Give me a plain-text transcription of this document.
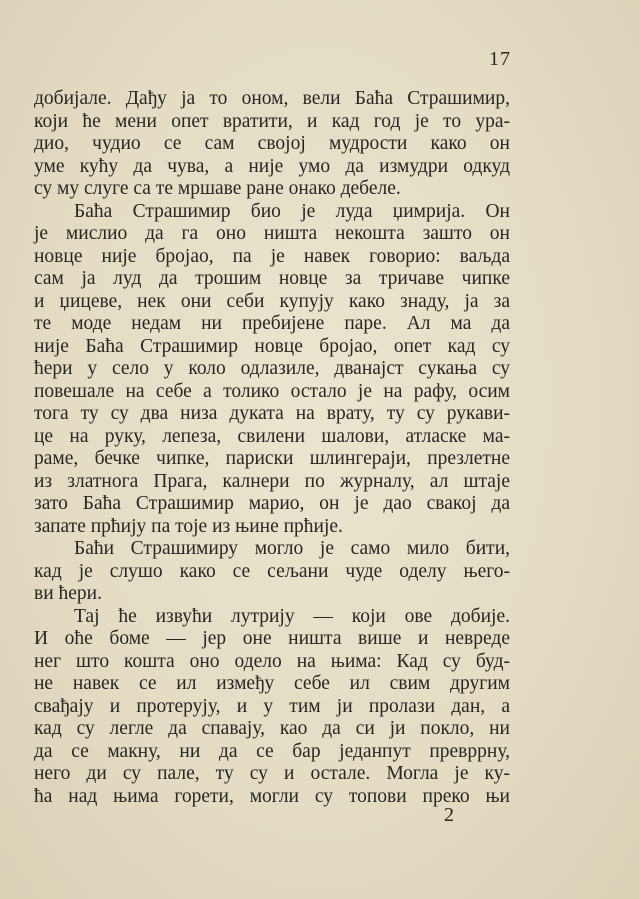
17
добијале. Дађу ја то оном, вели Баћа Страшимир,
који ће мени опет вратити, и кад год је то ура-
дио, чудио се сам својој мудрости како он
уме кућу да чува, а није умо да измудри одкуд
су му слуге са те мршаве ране онако дебеле.
Баћа Страшимир био је луда џимрија. Он
је мислио да га оно ништа некошта зашто он
новце није бројао, па је навек говорио: ваљда
сам ја луд да трошим новце за тричаве чипке
и џицеве, нек они себи купују како знаду, ја за
те моде недам ни пребијене паре. Ал ма да
није Баћа Страшимир новце бројао, опет кад су
ћери у село у коло одлазиле, дванајст сукања су
повешале на себе а толико остало је на рафу, осим
тога ту су два низа дуката на врату, ту су рукави-
це на руку, лепеза, свилени шалови, атласке ма-
раме, бечке чипке, париски шлингераји, презлетне
из златнога Прага, калнери по журналу, ал штаје
зато Баћа Страшимир марио, он је дао свакој да
запате прћију па тоје из њине прћије.
Баћи Страшимиру могло је само мило бити,
кад је слушо како се сељани чуде оделу њего-
ви ћери.
Тај ће извући лутрију — који ове добије.
И оће боме — јер оне ништа више и невреде
нег што кошта оно одело на њима: Кад су буд-
не навек се ил између себе ил свим другим
свађају и протерују, и у тим ји пролази дан, а
кад су легле да спавају, као да си ји покло, ни
да се макну, ни да се бар једанпут превррну,
него ди су пале, ту су и остале. Могла је ку-
ћа над њима горети, могли су топови преко њи
2
